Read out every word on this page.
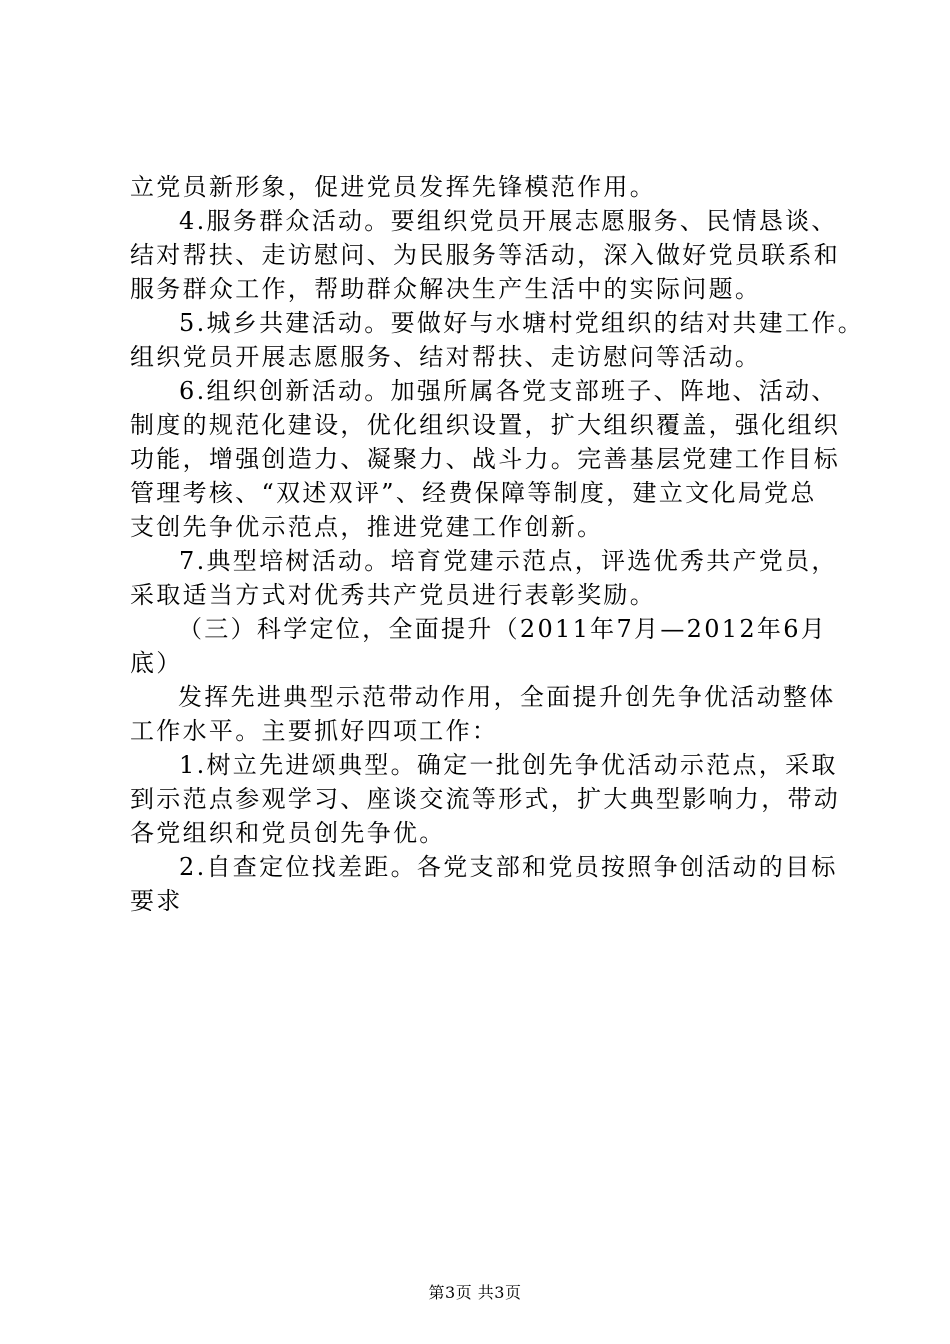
立党员新形象，促进党员发挥先锋模范作用。
4.服务群众活动。要组织党员开展志愿服务、民情恳谈、
结对帮扶、走访慰问、为民服务等活动，深入做好党员联系和
服务群众工作，帮助群众解决生产生活中的实际问题。
5.城乡共建活动。要做好与水塘村党组织的结对共建工作。
组织党员开展志愿服务、结对帮扶、走访慰问等活动。
6.组织创新活动。加强所属各党支部班子、阵地、活动、
制度的规范化建设，优化组织设置，扩大组织覆盖，强化组织
功能，增强创造力、凝聚力、战斗力。完善基层党建工作目标
管理考核、“双述双评”、经费保障等制度，建立文化局党总
支创先争优示范点，推进党建工作创新。
7.典型培树活动。培育党建示范点，评选优秀共产党员，
采取适当方式对优秀共产党员进行表彰奖励。
（三）科学定位，全面提升（2011年7月—2012年6月
底）
发挥先进典型示范带动作用，全面提升创先争优活动整体
工作水平。主要抓好四项工作：
1.树立先进颂典型。确定一批创先争优活动示范点，采取
到示范点参观学习、座谈交流等形式，扩大典型影响力，带动
各党组织和党员创先争优。
2.自查定位找差距。各党支部和党员按照争创活动的目标
要求
第3页 共3页
